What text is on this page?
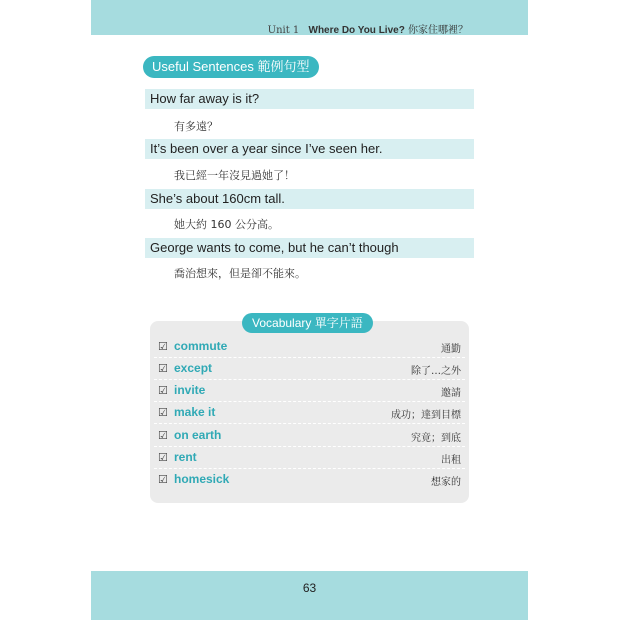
Unit 1 Where Do You Live? 你家住哪裡？
Useful Sentences 範例句型
How far away is it?
有多遠？
It’s been over a year since I’ve seen her.
我已經一年沒見過她了！
She’s about 160cm tall.
她大約 160 公分高。
George wants to come, but he can’t though
喬治想來，但是卻不能來。
Vocabulary 單字片語
☑ commute	通勤
☑ except	除了…之外
☑ invite	邀請
☑ make it	成功；達到目標
☑ on earth	究竟；到底
☑ rent	出租
☑ homesick	想家的
63
